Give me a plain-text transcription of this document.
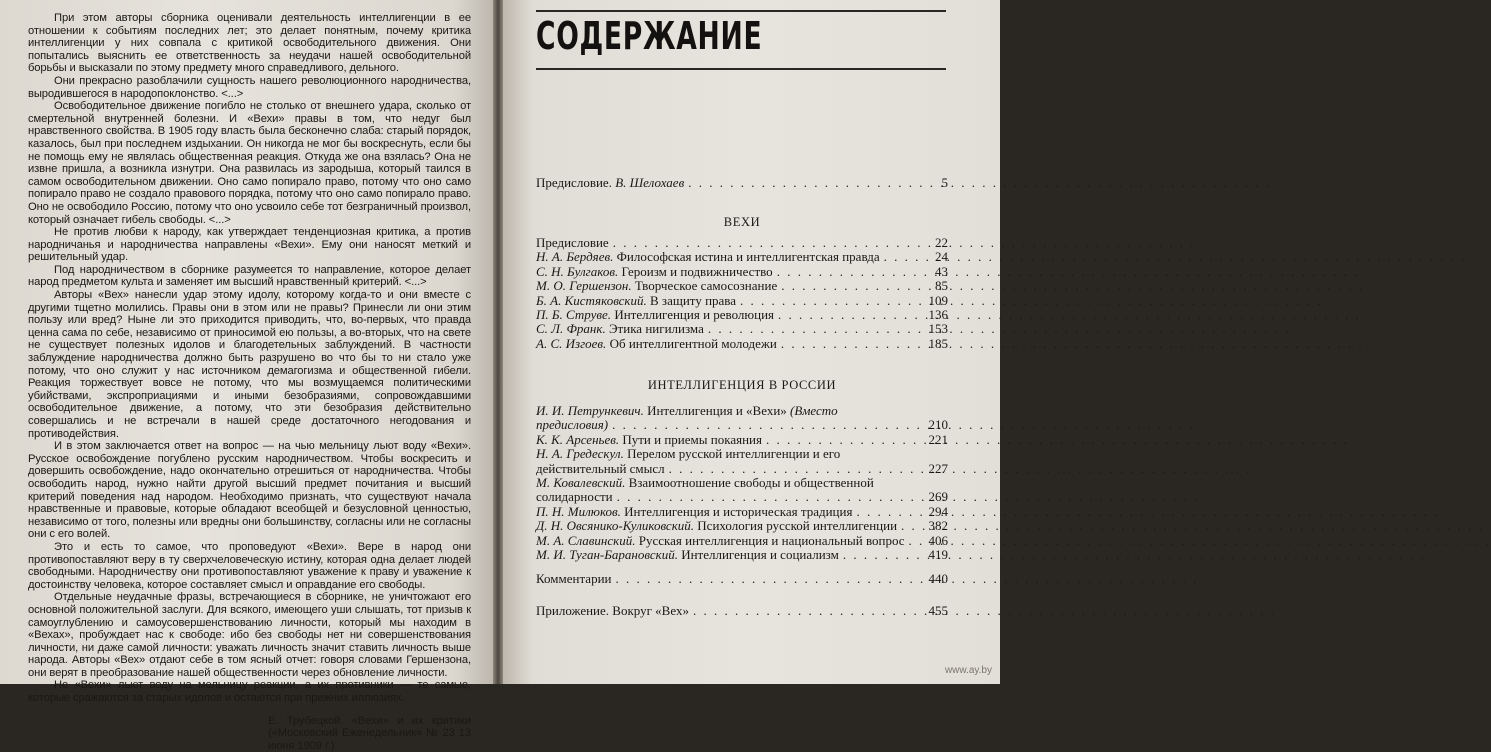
При этом авторы сборника оценивали деятельность интеллигенции в ее отношении к событиям последних лет; это делает понятным, почему критика интеллигенции у них совпала с критикой освободительного движения. Они попытались выяснить ее ответственность за неудачи нашей освободительной борьбы и высказали по этому предмету много справедливого, дельного.

Они прекрасно разоблачили сущность нашего революционного народничества, выродившегося в народопоклонство. <...>

Освободительное движение погибло не столько от внешнего удара, сколько от смертельной внутренней болезни. И «Вехи» правы в том, что недуг был нравственного свойства. В 1905 году власть была бесконечно слаба: старый порядок, казалось, был при последнем издыхании. Он никогда не мог бы воскреснуть, если бы не помощь ему не являлась общественная реакция. Откуда же она взялась? Она не извне пришла, а возникла изнутри. Она развилась из зародыша, который таился в самом освободительном движении. Оно само попирало право, потому что оно само попирало право не создало правового порядка, потому что оно само попирало право. Оно не освободило Россию, потому что оно усвоило себе тот безграничный произвол, который означает гибель свободы. <...>

Не против любви к народу, как утверждает тенденциозная критика, а против народничанья и народничества направлены «Вехи». Ему они наносят меткий и решительный удар.

Под народничеством в сборнике разумеется то направление, которое делает народ предметом культа и заменяет им высший нравственный критерий. <...>

Авторы «Вех» нанесли удар этому идолу, которому когда-то и они вместе с другими тщетно молились. Правы они в этом или не правы? Принесли ли они этим пользу или вред? Ныне ли это приходится приводить, что, во-первых, что правда ценна сама по себе, независимо от приносимой ею пользы, а во-вторых, что на свете не существует полезных идолов и благодетельных заблуждений. В частности заблуждение народничества должно быть разрушено во что бы то ни стало уже потому, что оно служит у нас источником демагогизма и общественной гибели. Реакция торжествует вовсе не потому, что мы возмущаемся политическими убийствами, экспроприациями и иными безобразиями, сопровождавшими освободительное движение, а потому, что эти безобразия действительно совершались и не встречали в нашей среде достаточного негодования и противодействия.

И в этом заключается ответ на вопрос — на чью мельницу льют воду «Вехи». Русское освобождение погублено русским народничеством. Чтобы воскресить и довершить освобождение, надо окончательно отрешиться от народничества. Чтобы освободить народ, нужно найти другой высший предмет почитания и высший критерий поведения над народом. Необходимо признать, что существуют начала нравственные и правовые, которые обладают всеобщей и безусловной ценностью, независимо от того, полезны или вредны они большинству, согласны или не согласны они с его волей.

Это и есть то самое, что проповедуют «Вехи». Вере в народ они противопоставляют веру в ту сверхчеловеческую истину, которая одна делает людей свободными. Народничеству они противопоставляют уважение к праву и уважение к достоинству человека, которое составляет смысл и оправдание его свободы.

Отдельные неудачные фразы, встречающиеся в сборнике, не уничтожают его основной положительной заслуги. Для всякого, имеющего уши слышать, тот призыв к самоуглублению и самоусовершенствованию личности, который мы находим в «Вехах», пробуждает нас к свободе: ибо без свободы нет ни совершенствования личности, ни даже самой личности: уважать личность значит ставить личность выше народа. Авторы «Вех» отдают себе в том ясный отчет: говоря словами Гершензона, они верят в преобразование нашей общественности через обновление личности.

Не «Вехи» льют воду на мельницу реакции, а их противники — те самые, которые сражаются за старых идолов и остаются при прежних иллюзиях.

Е. Трубецкой. «Вехи» и их критики («Московский Еженедельник» № 23 13 июня 1909 г.)

СОДЕРЖАНИЕ
Предисловие. В. Шелохаев . . .	5

ВЕХИ

Предисловие . . .	22
Н. А. Бердяев. Философская истина и интеллигентская правда . . .	24
С. Н. Булгаков. Героизм и подвижничество . . .	43
М. О. Гершензон. Творческое самосознание . . .	85
Б. А. Кистяковский. В защиту права . . .	109
П. Б. Струве. Интеллигенция и революция . . .	136
С. Л. Франк. Этика нигилизма . . .	153
А. С. Изгоев. Об интеллигентной молодежи . . .	185

ИНТЕЛЛИГЕНЦИЯ В РОССИИ

И. И. Петрункевич. Интеллигенция и «Вехи» (Вместо предисловия) . . .	210
К. К. Арсеньев. Пути и приемы покаяния . . .	221
Н. А. Гредескул. Перелом русской интеллигенции и его действительный смысл . . .	227
М. Ковалевский. Взаимоотношение свободы и общественной солидарности . . .	269
П. Н. Милюков. Интеллигенция и историческая традиция . . .	294
Д. Н. Овсянико-Куликовский. Психология русской интеллигенции . . .	382
М. А. Славинский. Русская интеллигенция и национальный вопрос . . .	406
М. И. Туган-Барановский. Интеллигенция и социализм . . .	419
Комментарии . . .	440
Приложение. Вокруг «Вех» . . .	455
www.ay.by
